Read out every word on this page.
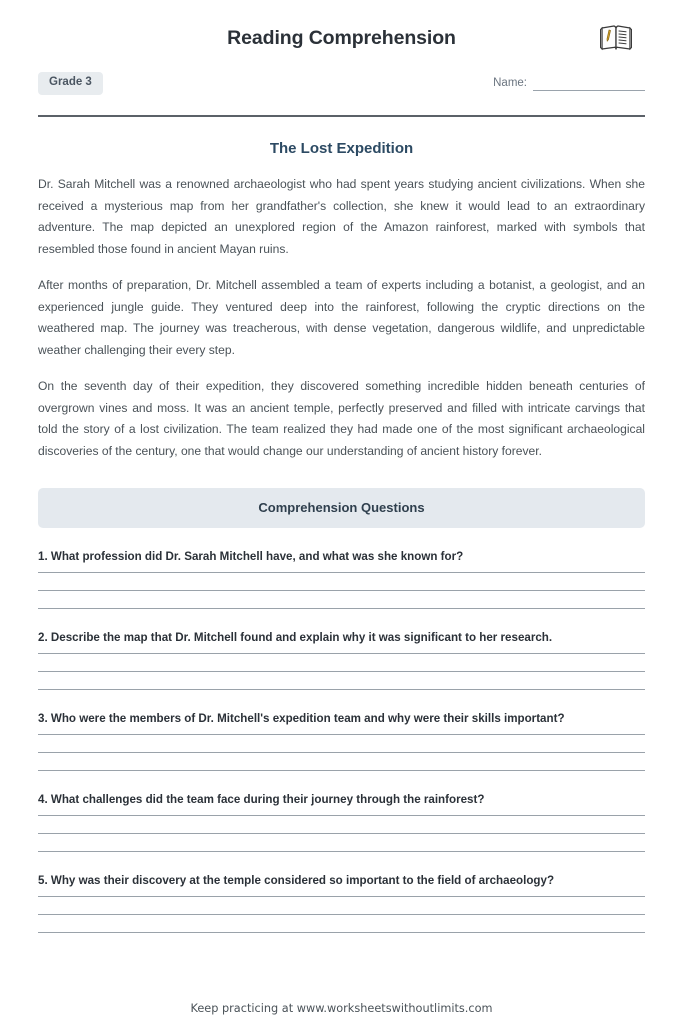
Reading Comprehension
Grade 3	Name:
The Lost Expedition

Dr. Sarah Mitchell was a renowned archaeologist who had spent years studying ancient civilizations. When she received a mysterious map from her grandfather's collection, she knew it would lead to an extraordinary adventure. The map depicted an unexplored region of the Amazon rainforest, marked with symbols that resembled those found in ancient Mayan ruins.

After months of preparation, Dr. Mitchell assembled a team of experts including a botanist, a geologist, and an experienced jungle guide. They ventured deep into the rainforest, following the cryptic directions on the weathered map. The journey was treacherous, with dense vegetation, dangerous wildlife, and unpredictable weather challenging their every step.

On the seventh day of their expedition, they discovered something incredible hidden beneath centuries of overgrown vines and moss. It was an ancient temple, perfectly preserved and filled with intricate carvings that told the story of a lost civilization. The team realized they had made one of the most significant archaeological discoveries of the century, one that would change our understanding of ancient history forever.

Comprehension Questions
1. What profession did Dr. Sarah Mitchell have, and what was she known for?
2. Describe the map that Dr. Mitchell found and explain why it was significant to her research.
3. Who were the members of Dr. Mitchell's expedition team and why were their skills important?
4. What challenges did the team face during their journey through the rainforest?
5. Why was their discovery at the temple considered so important to the field of archaeology?
Keep practicing at www.worksheetswithoutlimits.com
